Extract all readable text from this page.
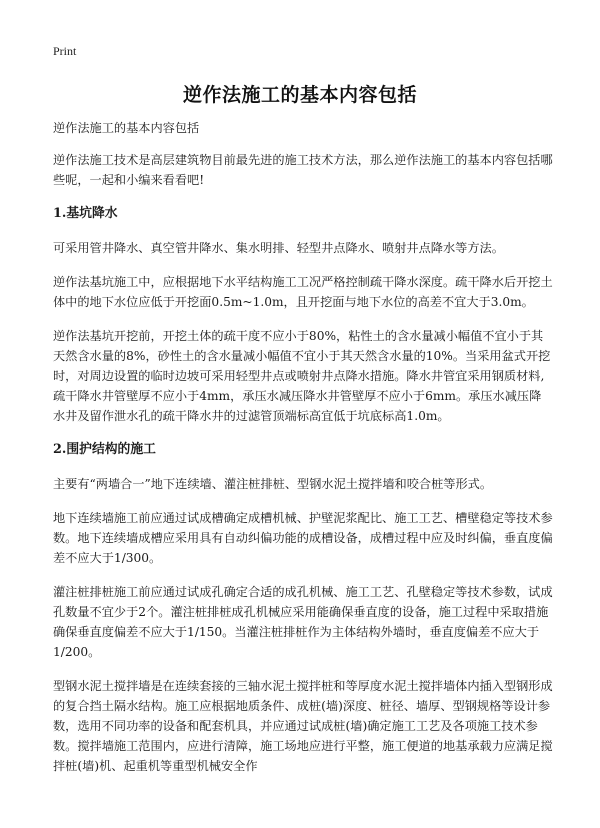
Print
逆作法施工的基本内容包括

逆作法施工的基本内容包括

逆作法施工技术是高层建筑物目前最先进的施工技术方法，那么逆作法施工的基本内容包括哪些呢，一起和小编来看看吧!

1.基坑降水

可采用管井降水、真空管井降水、集水明排、轻型井点降水、喷射井点降水等方法。

逆作法基坑施工中，应根据地下水平结构施工工况严格控制疏干降水深度。疏干降水后开挖土体中的地下水位应低于开挖面0.5m~1.0m，且开挖面与地下水位的高差不宜大于3.0m。

逆作法基坑开挖前，开挖土体的疏干度不应小于80%，粘性土的含水量减小幅值不宜小于其天然含水量的8%，砂性土的含水量减小幅值不宜小于其天然含水量的10%。当采用盆式开挖时，对周边设置的临时边坡可采用轻型井点或喷射井点降水措施。降水井管宜采用钢质材料,疏干降水井管壁厚不应小于4mm，承压水减压降水井管壁厚不应小于6mm。承压水减压降水井及留作泄水孔的疏干降水井的过滤管顶端标高宜低于坑底标高1.0m。

2.围护结构的施工

主要有“两墙合一”地下连续墙、灌注桩排桩、型钢水泥土搅拌墙和咬合桩等形式。

地下连续墙施工前应通过试成槽确定成槽机械、护壁泥浆配比、施工工艺、槽壁稳定等技术参数。地下连续墙成槽应采用具有自动纠偏功能的成槽设备，成槽过程中应及时纠偏，垂直度偏差不应大于1/300。

灌注桩排桩施工前应通过试成孔确定合适的成孔机械、施工工艺、孔壁稳定等技术参数，试成孔数量不宜少于2个。灌注桩排桩成孔机械应采用能确保垂直度的设备，施工过程中采取措施确保垂直度偏差不应大于1/150。当灌注桩排桩作为主体结构外墙时，垂直度偏差不应大于1/200。

型钢水泥土搅拌墙是在连续套接的三轴水泥土搅拌桩和等厚度水泥土搅拌墙体内插入型钢形成的复合挡土隔水结构。施工应根据地质条件、成桩(墙)深度、桩径、墙厚、型钢规格等设计参数，选用不同功率的设备和配套机具，并应通过试成桩(墙)确定施工工艺及各项施工技术参数。搅拌墙施工范围内，应进行清障，施工场地应进行平整，施工便道的地基承载力应满足搅拌桩(墙)机、起重机等重型机械安全作
